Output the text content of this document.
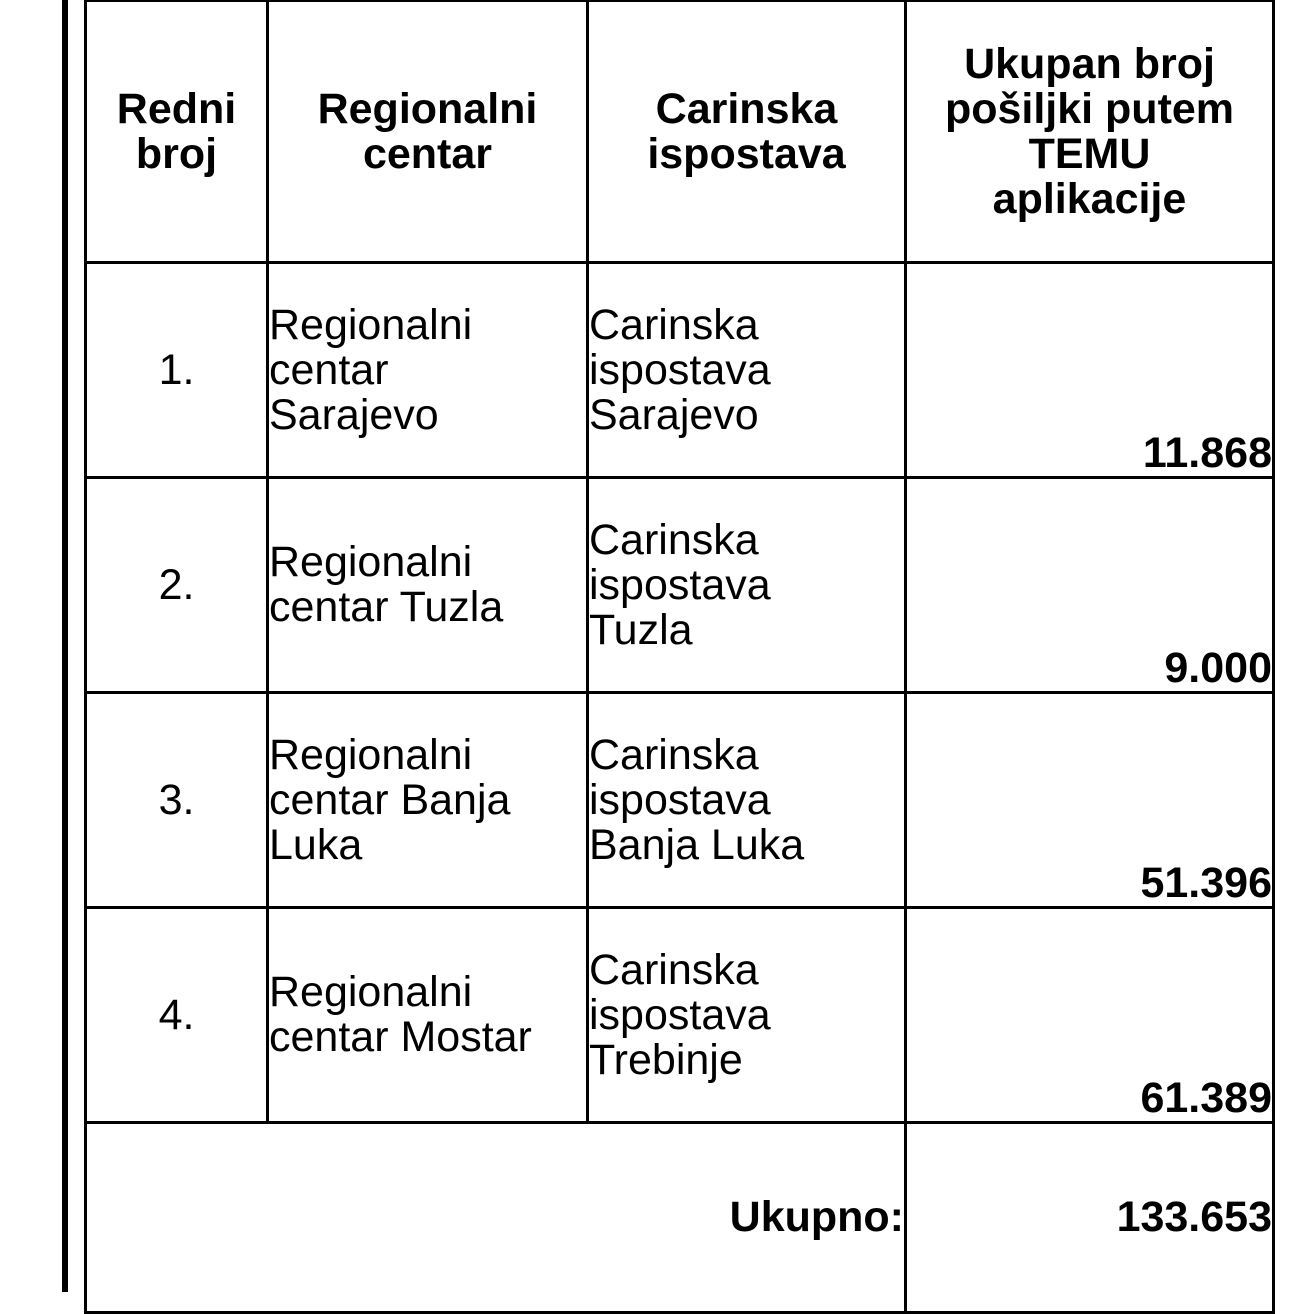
Redni broj	Regionalni centar	Carinska ispostava	Ukupan broj pošiljki putem TEMU aplikacije
1.	Regionalni centar Sarajevo	Carinska ispostava Sarajevo	11.868
2.	Regionalni centar Tuzla	Carinska ispostava Tuzla	9.000
3.	Regionalni centar Banja Luka	Carinska ispostava Banja Luka	51.396
4.	Regionalni centar Mostar	Carinska ispostava Trebinje	61.389
Ukupno:			133.653
